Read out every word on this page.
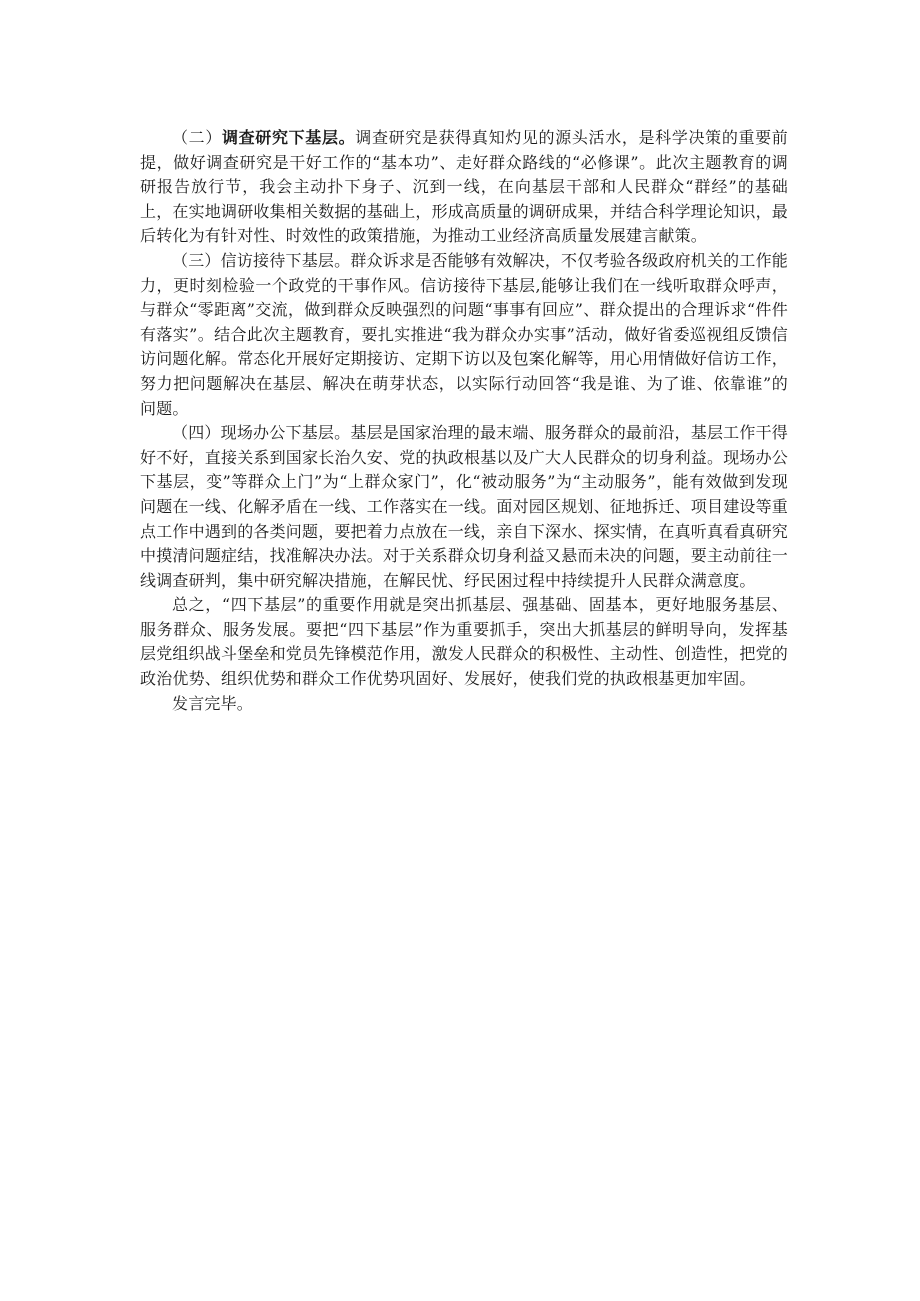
（二）调查研究下基层。调查研究是获得真知灼见的源头活水，是科学决策的重要前提，做好调查研究是干好工作的“基本功”、走好群众路线的“必修课”。此次主题教育的调研报告放行节，我会主动扑下身子、沉到一线，在向基层干部和人民群众“群经”的基础上，在实地调研收集相关数据的基础上，形成高质量的调研成果，并结合科学理论知识，最后转化为有针对性、时效性的政策措施，为推动工业经济高质量发展建言献策。

（三）信访接待下基层。群众诉求是否能够有效解决，不仅考验各级政府机关的工作能力，更时刻检验一个政党的干事作风。信访接待下基层,能够让我们在一线听取群众呼声，与群众“零距离”交流，做到群众反映强烈的问题“事事有回应”、群众提出的合理诉求“件件有落实”。结合此次主题教育，要扎实推进“我为群众办实事”活动，做好省委巡视组反馈信访问题化解。常态化开展好定期接访、定期下访以及包案化解等，用心用情做好信访工作，努力把问题解决在基层、解决在萌芽状态，以实际行动回答“我是谁、为了谁、依靠谁”的问题。

（四）现场办公下基层。基层是国家治理的最末端、服务群众的最前沿，基层工作干得好不好，直接关系到国家长治久安、党的执政根基以及广大人民群众的切身利益。现场办公下基层，变”等群众上门”为“上群众家门”，化“被动服务”为“主动服务”，能有效做到发现问题在一线、化解矛盾在一线、工作落实在一线。面对园区规划、征地拆迁、项目建设等重点工作中遇到的各类问题，要把着力点放在一线，亲自下深水、探实情，在真听真看真研究中摸清问题症结，找准解决办法。对于关系群众切身利益又悬而未决的问题，要主动前往一线调查研判，集中研究解决措施，在解民忧、纾民困过程中持续提升人民群众满意度。

总之，“四下基层”的重要作用就是突出抓基层、强基础、固基本，更好地服务基层、服务群众、服务发展。要把“四下基层”作为重要抓手，突出大抓基层的鲜明导向，发挥基层党组织战斗堡垒和党员先锋模范作用，激发人民群众的积极性、主动性、创造性，把党的政治优势、组织优势和群众工作优势巩固好、发展好，使我们党的执政根基更加牢固。

发言完毕。
